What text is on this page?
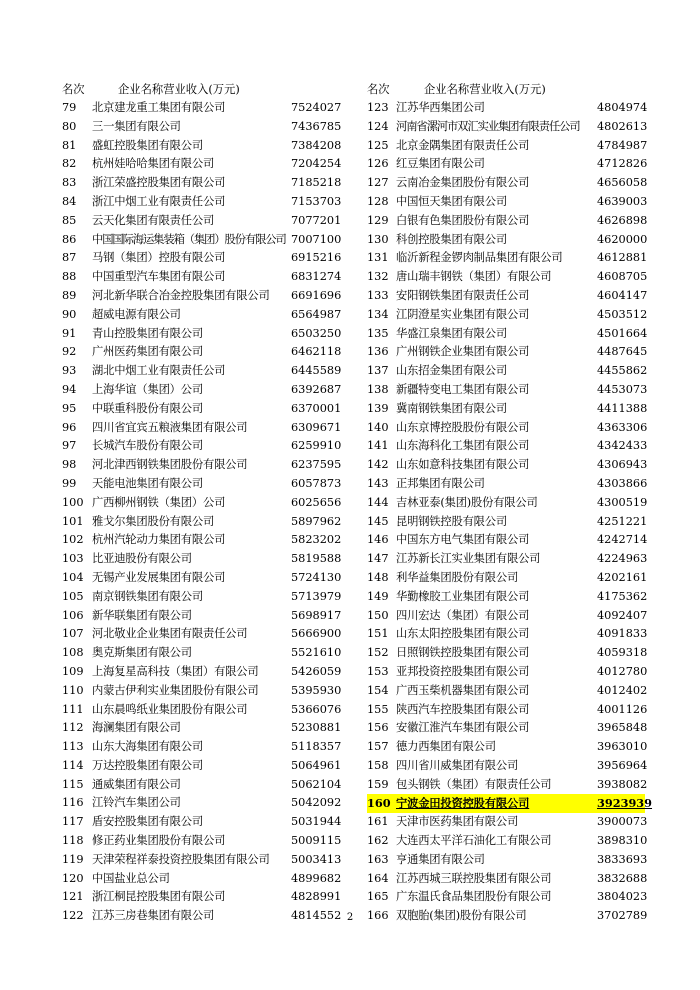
名次	企业名称营业收入(万元)
79 北京建龙重工集团有限公司	7524027
80 三一集团有限公司	7436785
81 盛虹控股集团有限公司	7384208
82 杭州娃哈哈集团有限公司	7204254
83 浙江荣盛控股集团有限公司	7185218
84 浙江中烟工业有限责任公司	7153703
85 云天化集团有限责任公司	7077201
86 中国国际海运集装箱（集团）股份有限公司 7007100
87 马钢（集团）控股有限公司	6915216
88 中国重型汽车集团有限公司	6831274
89 河北新华联合冶金控股集团有限公司 6691696
90 超威电源有限公司	6564987
91 青山控股集团有限公司	6503250
92 广州医药集团有限公司	6462118
93 湖北中烟工业有限责任公司	6445589
94 上海华谊（集团）公司	6392687
95 中联重科股份有限公司	6370001
96 四川省宜宾五粮液集团有限公司	6309671
97 长城汽车股份有限公司	6259910
98 河北津西钢铁集团股份有限公司	6237595
99 天能电池集团有限公司	6057873
100 广西柳州钢铁（集团）公司	6025656
101 雅戈尔集团股份有限公司	5897962
102 杭州汽轮动力集团有限公司	5823202
103 比亚迪股份有限公司	5819588
104 无锡产业发展集团有限公司	5724130
105 南京钢铁集团有限公司	5713979
106 新华联集团有限公司	5698917
107 河北敬业企业集团有限责任公司	5666900
108 奥克斯集团有限公司	5521610
109 上海复星高科技（集团）有限公司	5426059
110 内蒙古伊利实业集团股份有限公司	5395930
111 山东晨鸣纸业集团股份有限公司	5366076
112 海澜集团有限公司	5230881
113 山东大海集团有限公司	5118357
114 万达控股集团有限公司	5064961
115 通威集团有限公司	5062104
116 江铃汽车集团公司	5042092
117 盾安控股集团有限公司	5031944
118 修正药业集团股份有限公司	5009115
119 天津荣程祥泰投资控股集团有限公司 5003413
120 中国盐业总公司	4899682
121 浙江桐昆控股集团有限公司	4828991
122 江苏三房巷集团有限公司	4814552
名次	企业名称营业收入(万元)
123 江苏华西集团公司	4804974
124 河南省漯河市双汇实业集团有限责任公司 4802613
125 北京金隅集团有限责任公司	4784987
126 红豆集团有限公司	4712826
127 云南冶金集团股份有限公司	4656058
128 中国恒天集团有限公司	4639003
129 白银有色集团股份有限公司	4626898
130 科创控股集团有限公司	4620000
131 临沂新程金锣肉制品集团有限公司	4612881
132 唐山瑞丰钢铁（集团）有限公司	4608705
133 安阳钢铁集团有限责任公司	4604147
134 江阴澄星实业集团有限公司	4503512
135 华盛江泉集团有限公司	4501664
136 广州钢铁企业集团有限公司	4487645
137 山东招金集团有限公司	4455862
138 新疆特变电工集团有限公司	4453073
139 冀南钢铁集团有限公司	4411388
140 山东京博控股股份有限公司	4363306
141 山东海科化工集团有限公司	4342433
142 山东如意科技集团有限公司	4306943
143 正邦集团有限公司	4303866
144 吉林亚泰(集团)股份有限公司	4300519
145 昆明钢铁控股有限公司	4251221
146 中国东方电气集团有限公司	4242714
147 江苏新长江实业集团有限公司	4224963
148 利华益集团股份有限公司	4202161
149 华勤橡胶工业集团有限公司	4175362
150 四川宏达（集团）有限公司	4092407
151 山东太阳控股集团有限公司	4091833
152 日照钢铁控股集团有限公司	4059318
153 亚邦投资控股集团有限公司	4012780
154 广西玉柴机器集团有限公司	4012402
155 陕西汽车控股集团有限公司	4001126
156 安徽江淮汽车集团有限公司	3965848
157 德力西集团有限公司	3963010
158 四川省川威集团有限公司	3956964
159 包头钢铁（集团）有限责任公司	3938082
160 宁波金田投资控股有限公司	3923939
161 天津市医药集团有限公司	3900073
162 大连西太平洋石油化工有限公司	3898310
163 亨通集团有限公司	3833693
164 江苏西城三联控股集团有限公司	3832688
165 广东温氏食品集团股份有限公司	3804023
166 双胞胎(集团)股份有限公司	3702789
2
